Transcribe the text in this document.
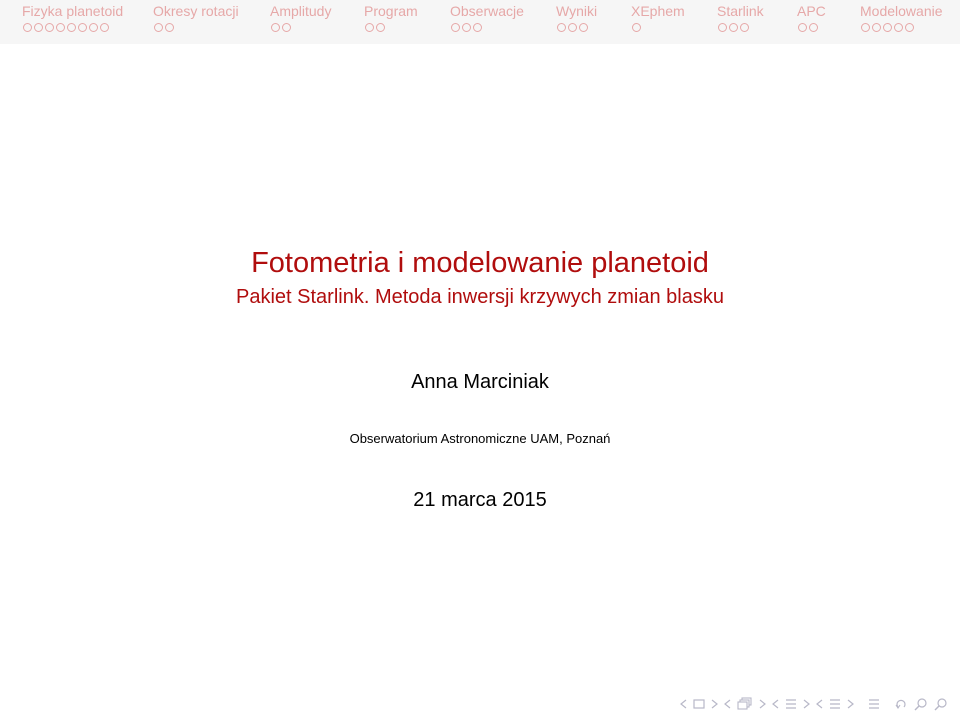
Fizyka planetoid Okresy rotacji Amplitudy Program Obserwacje Wyniki XEphem Starlink APC Modelowanie
Fotometria i modelowanie planetoid
Pakiet Starlink. Metoda inwersji krzywych zmian blasku
Anna Marciniak
Obserwatorium Astronomiczne UAM, Poznań
21 marca 2015
